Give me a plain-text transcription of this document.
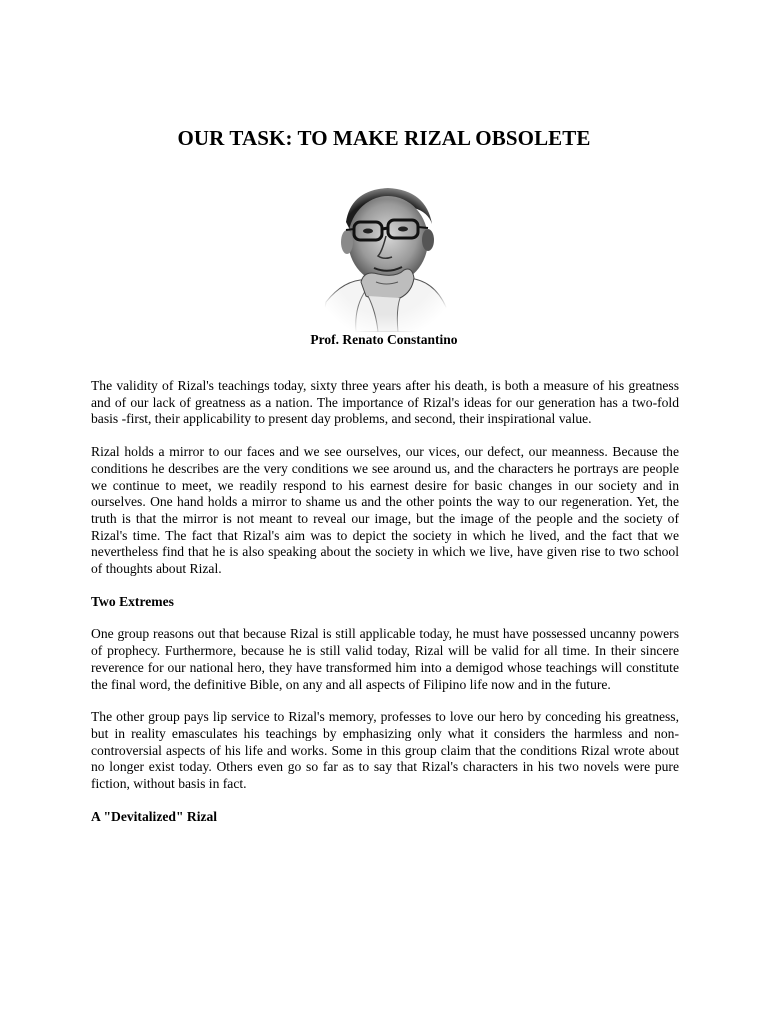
OUR TASK: TO MAKE RIZAL OBSOLETE

Prof. Renato Constantino

The validity of Rizal's teachings today, sixty three years after his death, is both a measure of his greatness and of our lack of greatness as a nation. The importance of Rizal's ideas for our generation has a two-fold basis -first, their applicability to present day problems, and second, their inspirational value.

Rizal holds a mirror to our faces and we see ourselves, our vices, our defect, our meanness. Because the conditions he describes are the very conditions we see around us, and the characters he portrays are people we continue to meet, we readily respond to his earnest desire for basic changes in our society and in ourselves. One hand holds a mirror to shame us and the other points the way to our regeneration. Yet, the truth is that the mirror is not meant to reveal our image, but the image of the people and the society of Rizal's time. The fact that Rizal's aim was to depict the society in which he lived, and the fact that we nevertheless find that he is also speaking about the society in which we live, have given rise to two school of thoughts about Rizal.

Two Extremes

One group reasons out that because Rizal is still applicable today, he must have possessed uncanny powers of prophecy. Furthermore, because he is still valid today, Rizal will be valid for all time. In their sincere reverence for our national hero, they have transformed him into a demigod whose teachings will constitute the final word, the definitive Bible, on any and all aspects of Filipino life now and in the future.

The other group pays lip service to Rizal's memory, professes to love our hero by conceding his greatness, but in reality emasculates his teachings by emphasizing only what it considers the harmless and non-controversial aspects of his life and works. Some in this group claim that the conditions Rizal wrote about no longer exist today. Others even go so far as to say that Rizal's characters in his two novels were pure fiction, without basis in fact.

A "Devitalized" Rizal
